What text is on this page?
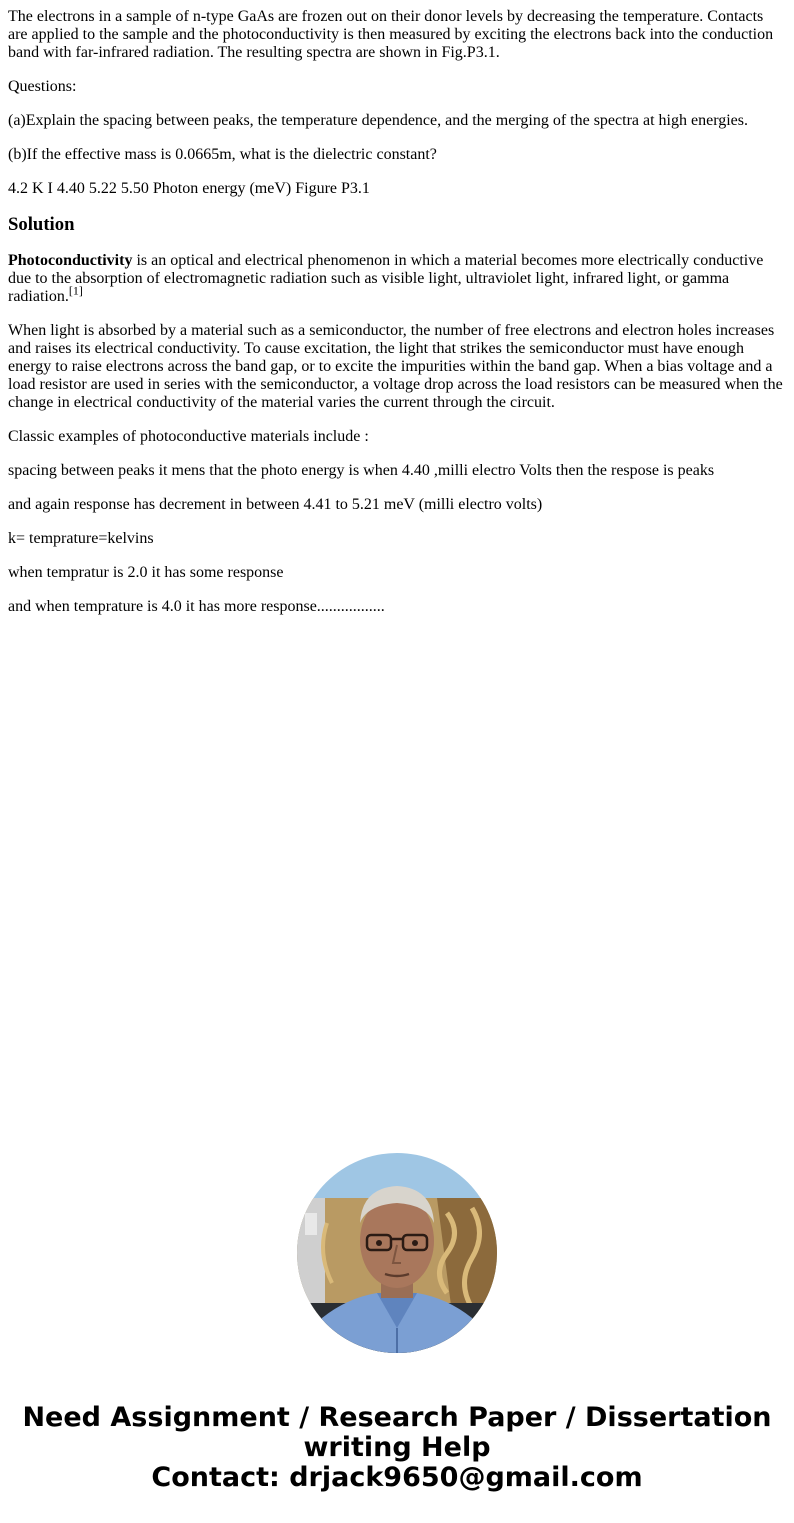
The electrons in a sample of n-type GaAs are frozen out on their donor levels by decreasing the temperature. Contacts are applied to the sample and the photoconductivity is then measured by exciting the electrons back into the conduction band with far-infrared radiation. The resulting spectra are shown in Fig.P3.1.

Questions:

(a)Explain the spacing between peaks, the temperature dependence, and the merging of the spectra at high energies.

(b)If the effective mass is 0.0665m, what is the dielectric constant?

4.2 K I 4.40 5.22 5.50 Photon energy (meV) Figure P3.1

Solution

Photoconductivity is an optical and electrical phenomenon in which a material becomes more electrically conductive due to the absorption of electromagnetic radiation such as visible light, ultraviolet light, infrared light, or gamma radiation.[1]

When light is absorbed by a material such as a semiconductor, the number of free electrons and electron holes increases and raises its electrical conductivity. To cause excitation, the light that strikes the semiconductor must have enough energy to raise electrons across the band gap, or to excite the impurities within the band gap. When a bias voltage and a load resistor are used in series with the semiconductor, a voltage drop across the load resistors can be measured when the change in electrical conductivity of the material varies the current through the circuit.

Classic examples of photoconductive materials include :

spacing between peaks it mens that the photo energy is when 4.40 ,milli electro Volts then the respose is peaks

and again response has decrement in between 4.41 to 5.21 meV (milli electro volts)

k= temprature=kelvins

when tempratur is 2.0 it has some response

and when temprature is 4.0 it has more response.................

Need Assignment / Research Paper / Dissertation
writing Help
Contact: drjack9650@gmail.com
